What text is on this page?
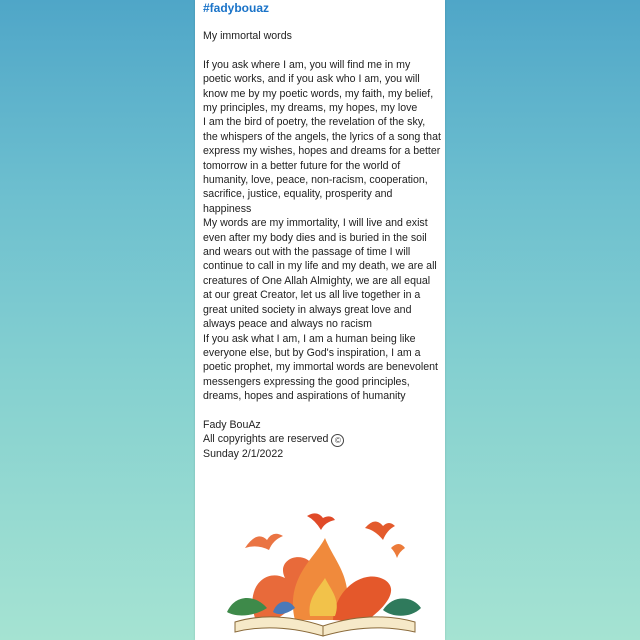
#fadybouaz

My immortal words

If you ask where I am, you will find me in my poetic works, and if you ask who I am, you will know me by my poetic words, my faith, my belief, my principles, my dreams, my hopes, my love

I am the bird of poetry, the revelation of the sky, the whispers of the angels, the lyrics of a song that express my wishes, hopes and dreams for a better tomorrow in a better future for the world of humanity, love, peace, non-racism, cooperation, sacrifice, justice, equality, prosperity and happiness

My words are my immortality, I will live and exist even after my body dies and is buried in the soil and wears out with the passage of time I will continue to call in my life and my death, we are all creatures of One Allah Almighty, we are all equal at our great Creator, let us all live together in a great united society in always great love and always peace and always no racism

If you ask what I am, I am a human being like everyone else, but by God's inspiration, I am a poetic prophet, my immortal words are benevolent messengers expressing the good principles, dreams, hopes and aspirations of humanity

Fady BouAz

All copyrights are reserved ©

Sunday 2/1/2022
